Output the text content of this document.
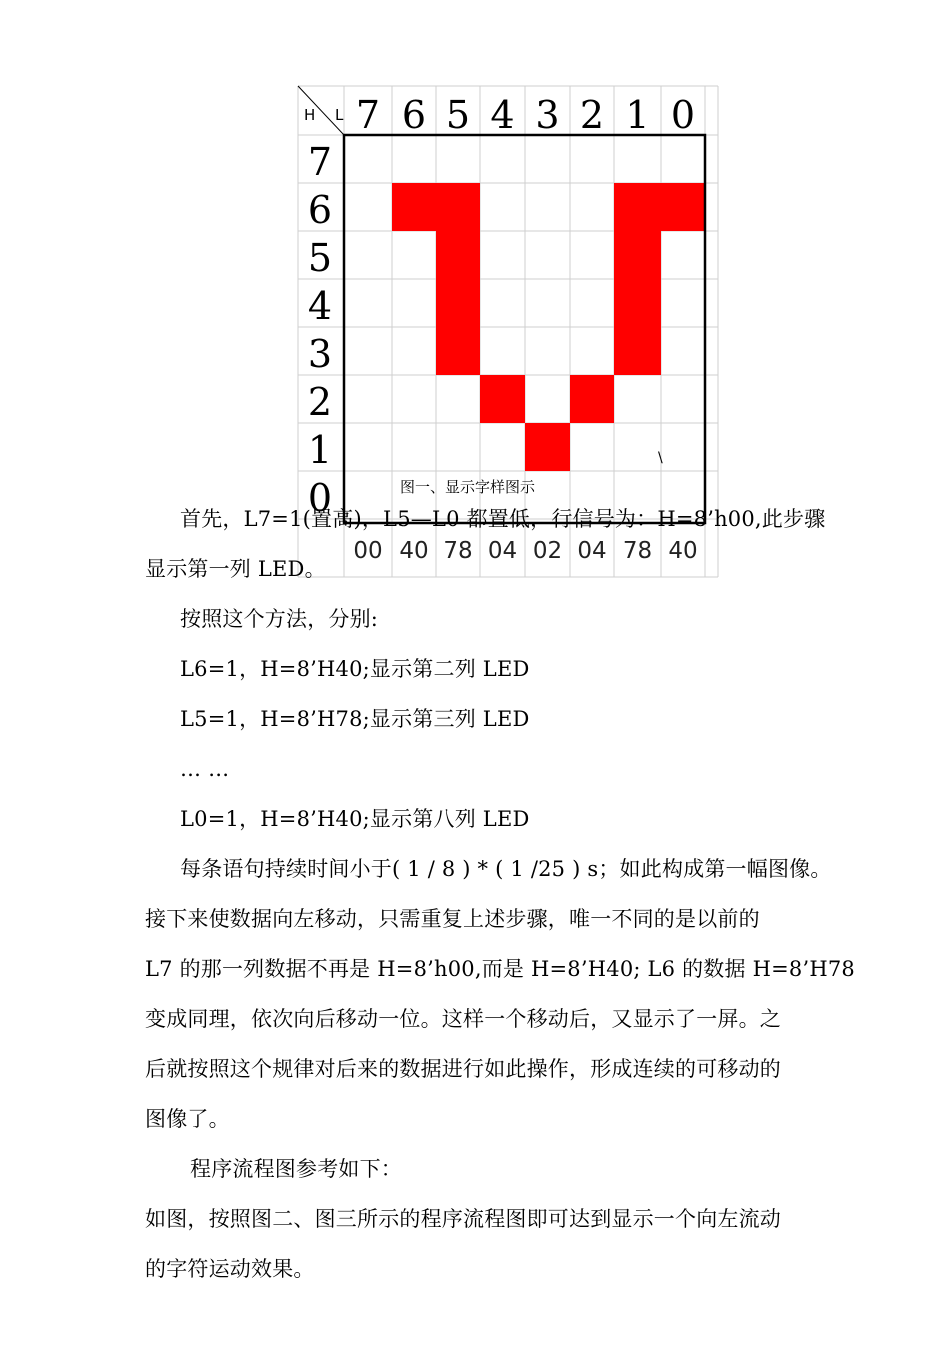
H L 7 6 5 4 3 2 1 0
7
6
5
4
3
2
1
0
00 40 78 04 02 04 78 40
图一、显示字样图示
\

首先，L7=1(置高)，L5—L0 都置低，行信号为：H=8’h00,此步骤

显示第一列 LED。

按照这个方法，分别:

L6=1，H=8’H40;显示第二列 LED

L5=1，H=8’H78;显示第三列 LED

… …

L0=1，H=8’H40;显示第八列 LED

每条语句持续时间小于( 1 / 8 ) * ( 1 /25 ) s；如此构成第一幅图像。

接下来使数据向左移动，只需重复上述步骤，唯一不同的是以前的

L7 的那一列数据不再是 H=8’h00,而是 H=8’H40; L6 的数据 H=8’H78

变成同理，依次向后移动一位。这样一个移动后，又显示了一屏。之

后就按照这个规律对后来的数据进行如此操作，形成连续的可移动的

图像了。

程序流程图参考如下：

如图，按照图二、图三所示的程序流程图即可达到显示一个向左流动

的字符运动效果。
